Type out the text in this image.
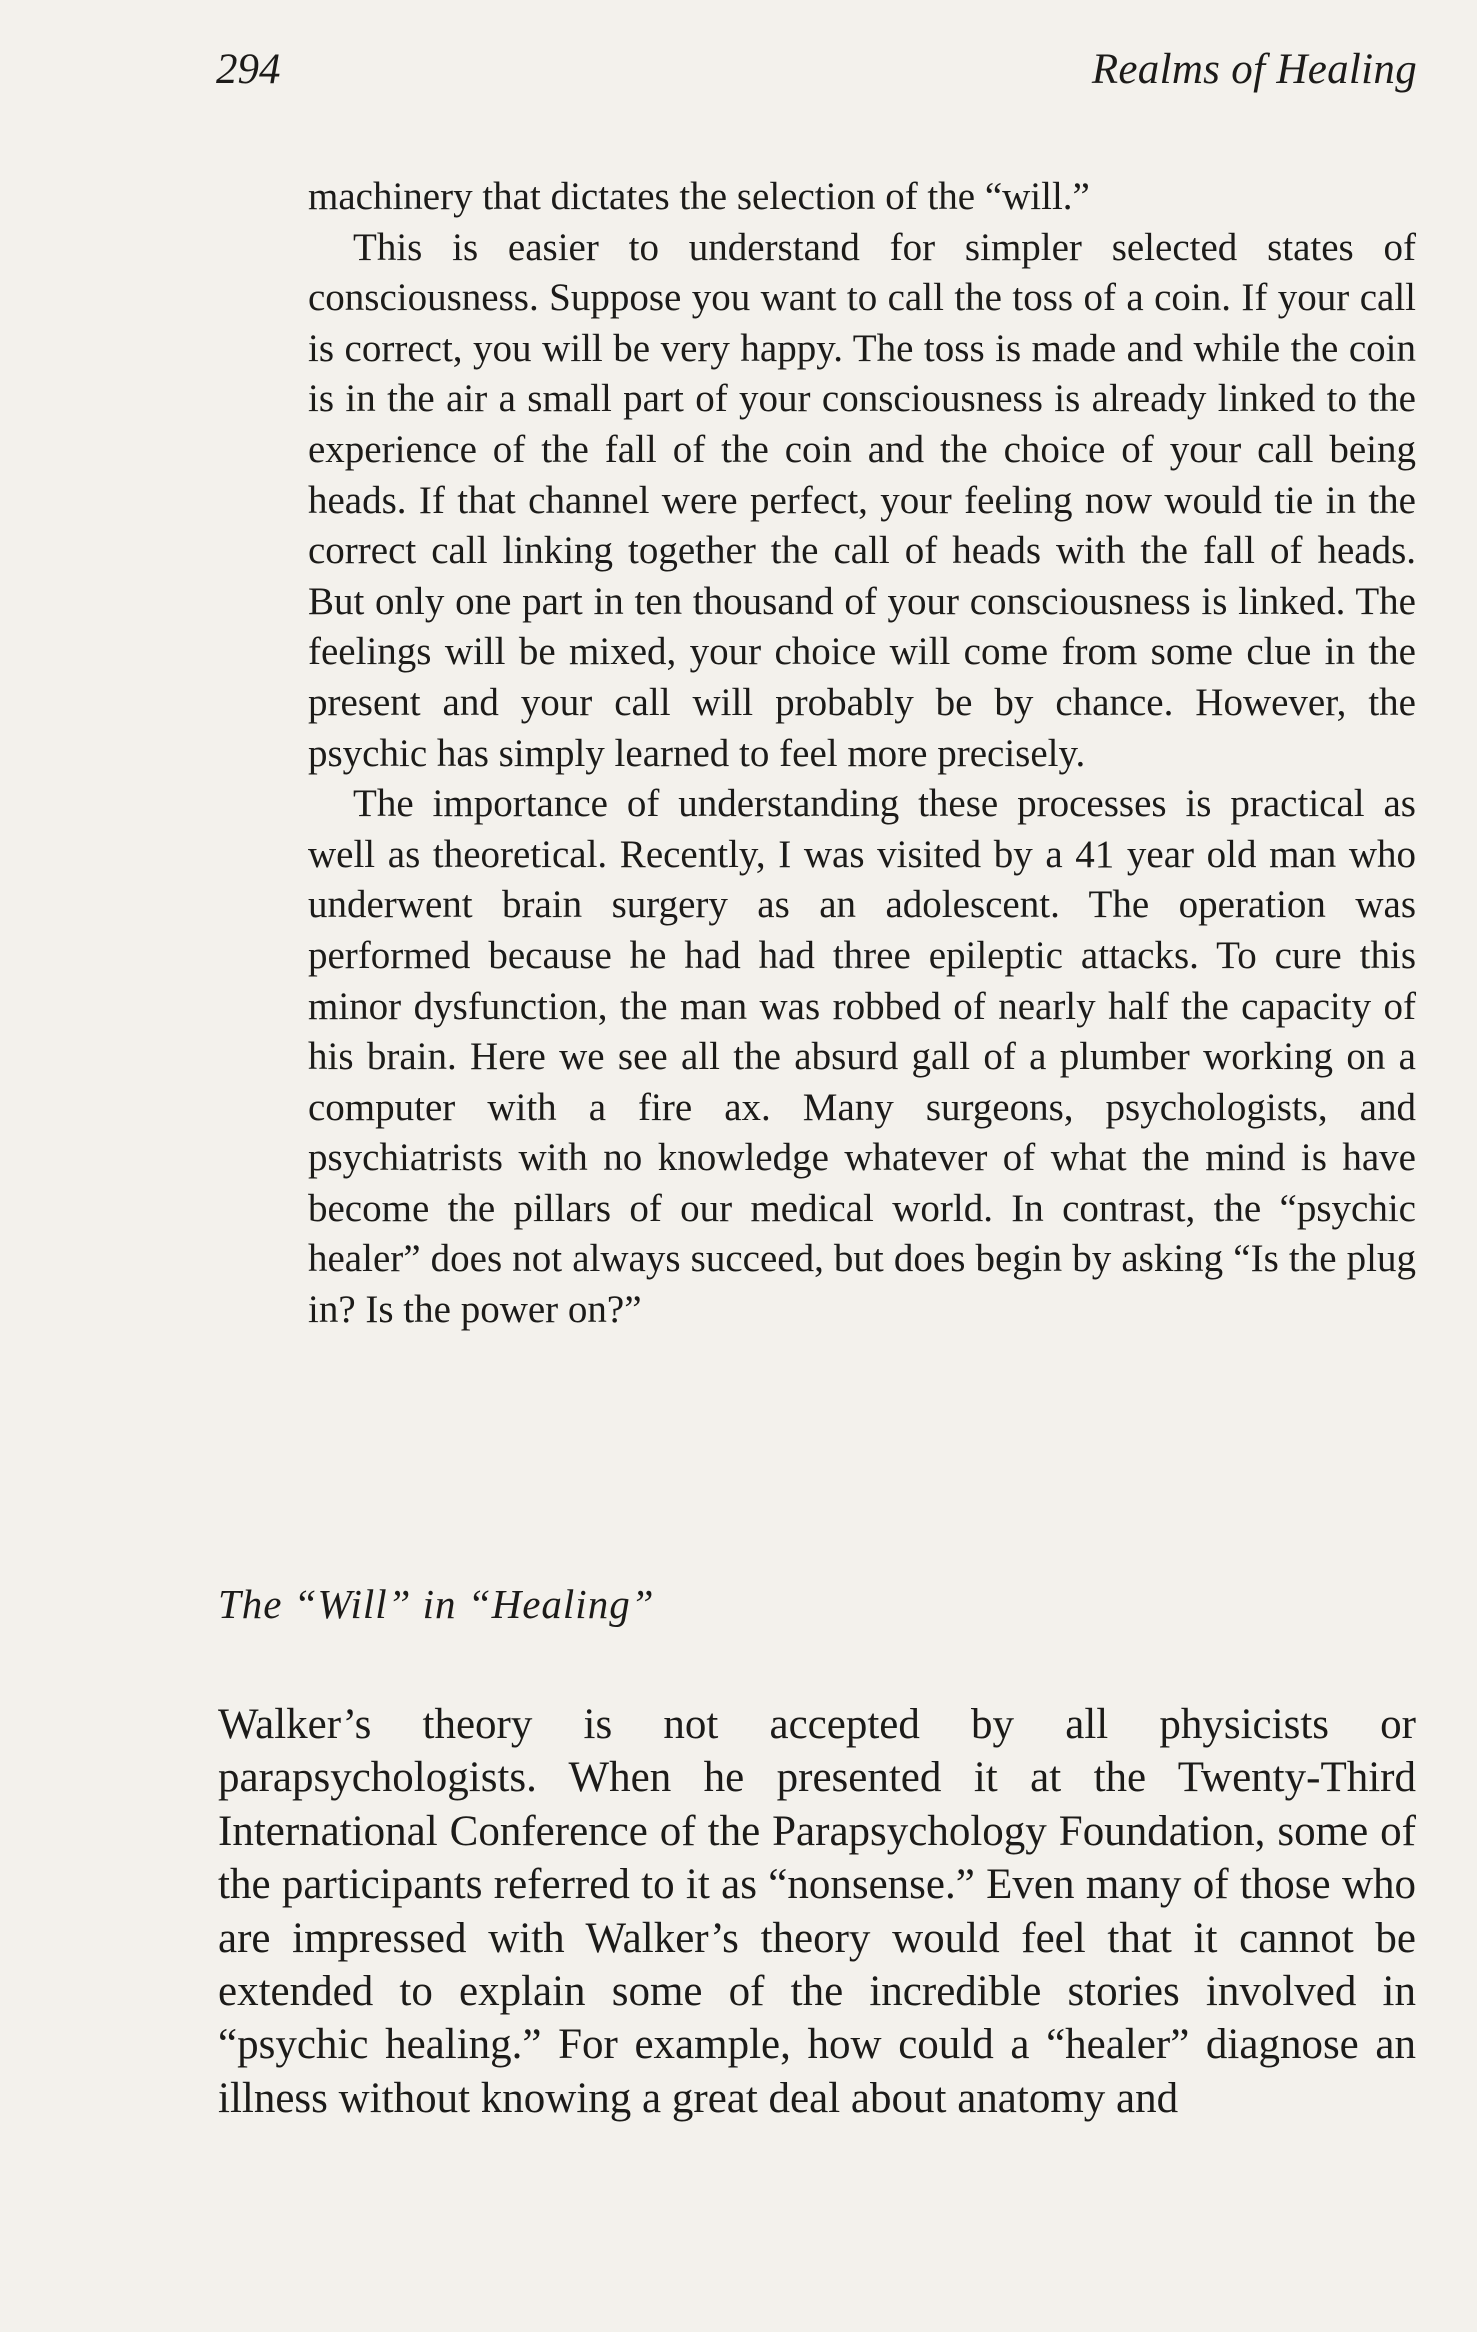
294	Realms of Healing

machinery that dictates the selection of the “will.”

This is easier to understand for simpler selected states of consciousness. Suppose you want to call the toss of a coin. If your call is correct, you will be very happy. The toss is made and while the coin is in the air a small part of your consciousness is already linked to the experience of the fall of the coin and the choice of your call being heads. If that channel were perfect, your feeling now would tie in the correct call linking together the call of heads with the fall of heads. But only one part in ten thousand of your consciousness is linked. The feelings will be mixed, your choice will come from some clue in the present and your call will probably be by chance. However, the psychic has simply learned to feel more precisely.

The importance of understanding these processes is practical as well as theoretical. Recently, I was visited by a 41 year old man who underwent brain surgery as an adolescent. The operation was performed because he had had three epileptic attacks. To cure this minor dysfunction, the man was robbed of nearly half the capacity of his brain. Here we see all the absurd gall of a plumber working on a computer with a fire ax. Many surgeons, psychologists, and psychiatrists with no knowledge whatever of what the mind is have become the pillars of our medical world. In contrast, the “psychic healer” does not always succeed, but does begin by asking “Is the plug in? Is the power on?”

The “Will” in “Healing”

Walker’s theory is not accepted by all physicists or parapsychologists. When he presented it at the Twenty-Third International Conference of the Parapsychology Foundation, some of the participants referred to it as “nonsense.” Even many of those who are impressed with Walker’s theory would feel that it cannot be extended to explain some of the incredible stories involved in “psychic healing.” For example, how could a “healer” diagnose an illness without knowing a great deal about anatomy and
